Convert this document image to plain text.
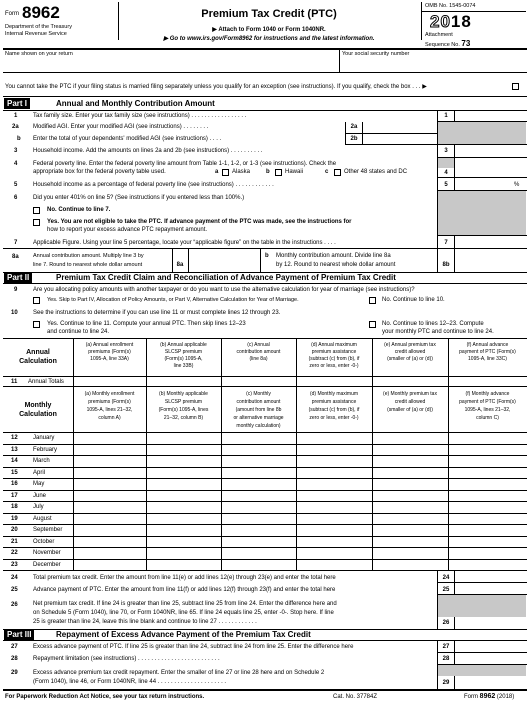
Form 8962
Department of the Treasury
Internal Revenue Service
Premium Tax Credit (PTC)
▶ Attach to Form 1040 or Form 1040NR.
▶ Go to www.irs.gov/Form8962 for instructions and the latest information.
OMB No. 1545-0074
2018
Attachment
Sequence No. 73
Name shown on your return	Your social security number
You cannot take the PTC if your filing status is married filing separately unless you qualify for an exception (see instructions). If you qualify, check the box . . . ▶
Part I	Annual and Monthly Contribution Amount
1	Tax family size. Enter your tax family size (see instructions) . . . . . . . . . . . . . . . . .	1
2a Modified AGI. Enter your modified AGI (see instructions) . . . . . . . .	2a
b Enter the total of your dependents' modified AGI (see instructions) . . . .	2b
3	Household income. Add the amounts on lines 2a and 2b (see instructions) . . . . . . . . . .	3
4	Federal poverty line. Enter the federal poverty line amount from Table 1-1, 1-2, or 1-3 (see instructions). Check the
appropriate box for the federal poverty table used.	a Alaska	b	Hawaii	c	Other 48 states and DC	4
5	Household income as a percentage of federal poverty line (see instructions) . . . . . . . . . . . .	5	%
6	Did you enter 401% on line 5? (See instructions if you entered less than 100%.)
No. Continue to line 7.
Yes. You are not eligible to take the PTC. If advance payment of the PTC was made, see the instructions for
how to report your excess advance PTC repayment amount.
7	Applicable Figure. Using your line 5 percentage, locate your “applicable figure” on the table in the instructions . . . .	7
8a	Annual contribution amount. Multiply line 3 by
line 7. Round to nearest whole dollar amount	8a
b Monthly contribution amount. Divide line 8a
by 12. Round to nearest whole dollar amount	8b
Part II	Premium Tax Credit Claim and Reconciliation of Advance Payment of Premium Tax Credit
9	Are you allocating policy amounts with another taxpayer or do you want to use the alternative calculation for year of marriage (see instructions)?
Yes. Skip to Part IV, Allocation of Policy Amounts, or Part V, Alternative Calculation for Year of Marriage.	No. Continue to line 10.
10	See the instructions to determine if you can use line 11 or must complete lines 12 through 23.
Yes. Continue to line 11. Compute your annual PTC. Then skip lines 12–23
and continue to line 24.
No. Continue to lines 12–23. Compute
your monthly PTC and continue to line 24.
Annual
Calculation
(a) Annual enrollment
premiums (Form(s)
1095-A, line 33A)
(b) Annual applicable
SLCSP premium
(Form(s) 1095-A,
line 33B)
(c) Annual
contribution amount
(line 8a)
(d) Annual maximum
premium assistance
(subtract (c) from (b), if
zero or less, enter -0-)
(e) Annual premium tax
credit allowed
(smaller of (a) or (d))
(f) Annual advance
payment of PTC (Form(s)
1095-A, line 33C)
11 Annual Totals
Monthly
Calculation
(a) Monthly enrollment
premiums (Form(s)
1095-A, lines 21–32,
column A)
(b) Monthly applicable
SLCSP premium
(Form(s) 1095-A, lines
21–32, column B)
(c) Monthly
contribution amount
(amount from line 8b
or alternative marriage
monthly calculation)
(d) Monthly maximum
premium assistance
(subtract (c) from (b), if
zero or less, enter -0-)
(e) Monthly premium tax
credit allowed
(smaller of (a) or (d))
(f) Monthly advance
payment of PTC (Form(s)
1095-A, lines 21–32,
column C)
12	January
13	February
14	March
15	April
16	May
17	June
18	July
19	August
20	September
21	October
22	November
23	December
24	Total premium tax credit. Enter the amount from line 11(e) or add lines 12(e) through 23(e) and enter the total here	24
25	Advance payment of PTC. Enter the amount from line 11(f) or add lines 12(f) through 23(f) and enter the total here	25
26	Net premium tax credit. If line 24 is greater than line 25, subtract line 25 from line 24. Enter the difference here and
on Schedule 5 (Form 1040), line 70, or Form 1040NR, line 65. If line 24 equals line 25, enter -0-. Stop here. If line
25 is greater than line 24, leave this line blank and continue to line 27 . . . . . . . . . . . .	26
Part III	Repayment of Excess Advance Payment of the Premium Tax Credit
27	Excess advance payment of PTC. If line 25 is greater than line 24, subtract line 24 from line 25. Enter the difference here	27
28	Repayment limitation (see instructions) . . . . . . . . . . . . . . . . . . . . . . . . .	28
29	Excess advance premium tax credit repayment. Enter the smaller of line 27 or line 28 here and on Schedule 2
(Form 1040), line 46, or Form 1040NR, line 44 . . . . . . . . . . . . . . . . . . . . .	29
For Paperwork Reduction Act Notice, see your tax return instructions.	Cat. No. 37784Z	Form 8962 (2018)
